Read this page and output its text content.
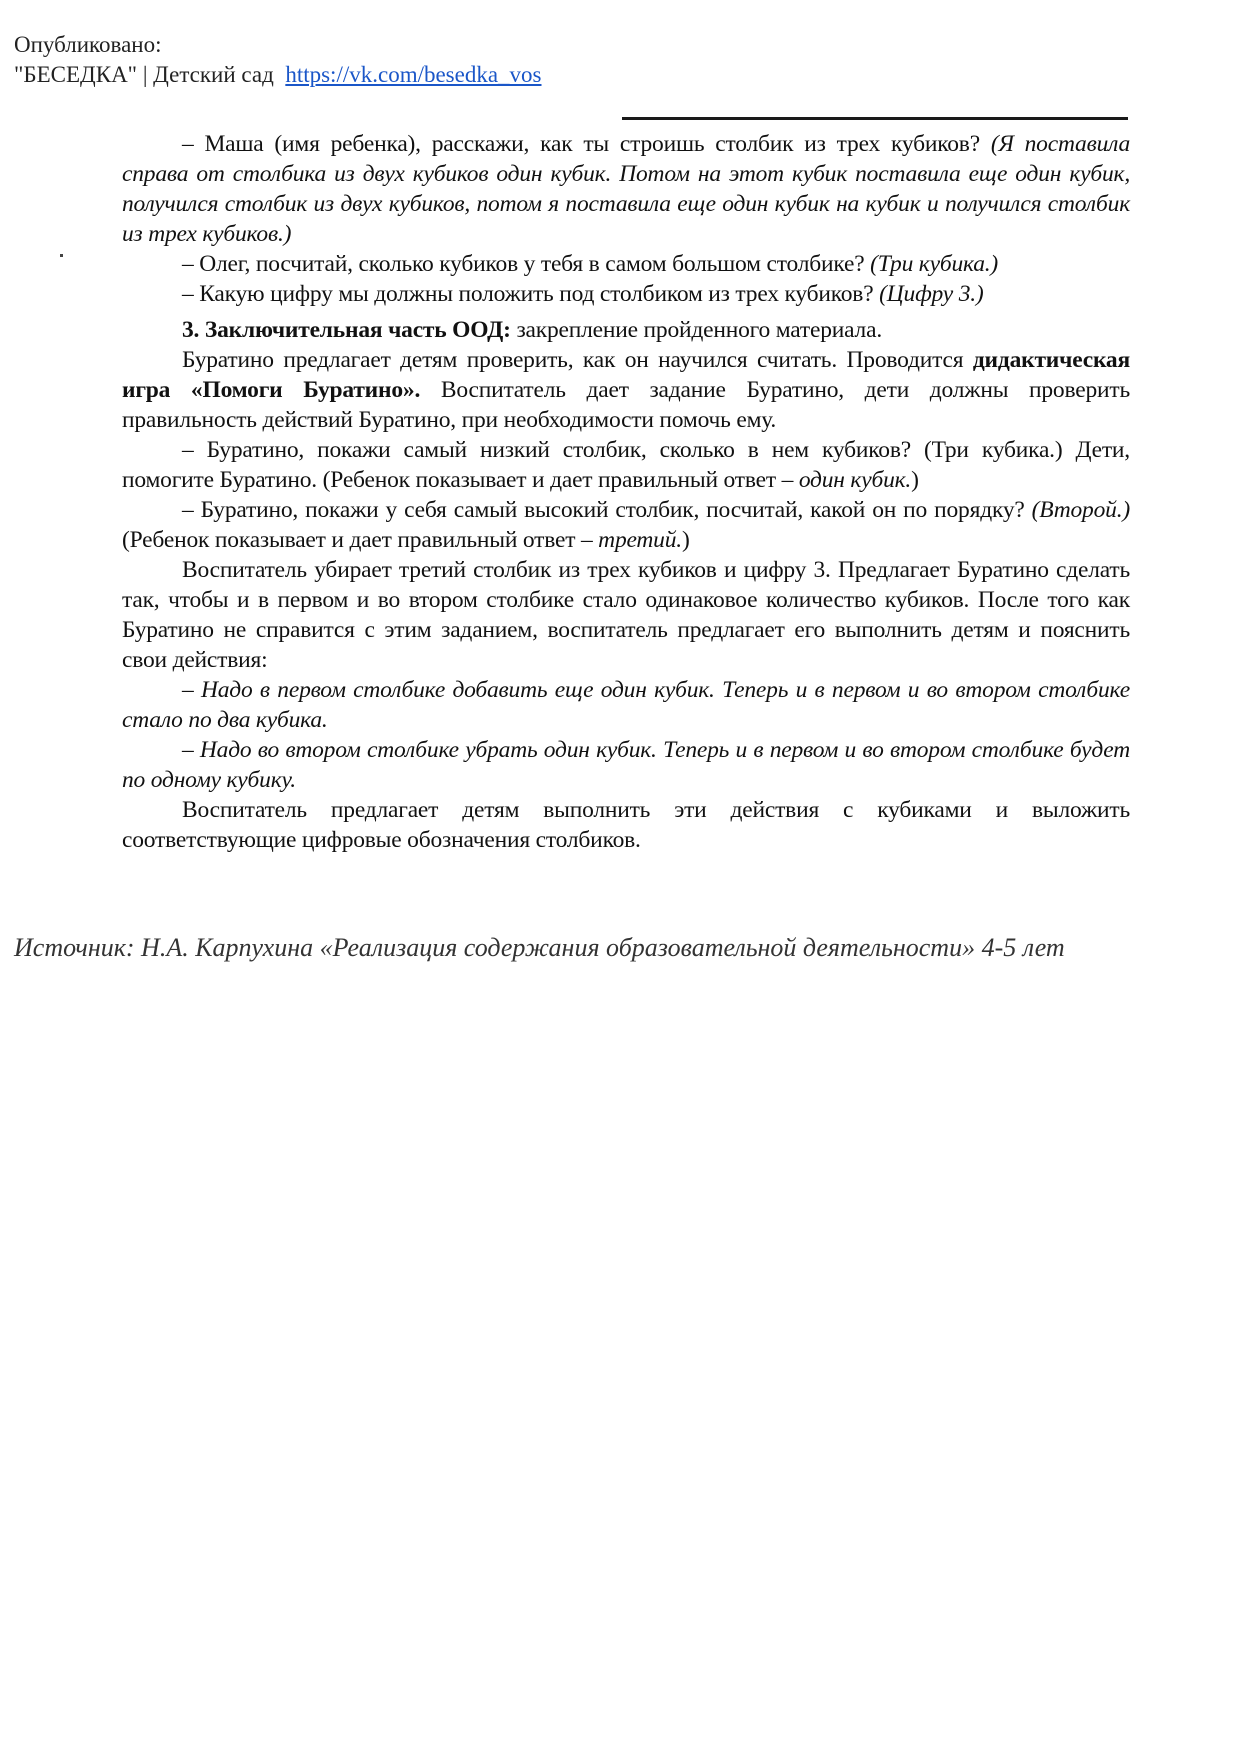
Опубликовано:
"БЕСЕДКА" | Детский сад https://vk.com/besedka_vos

– Маша (имя ребенка), расскажи, как ты строишь столбик из трех кубиков? (Я поставила справа от столбика из двух кубиков один кубик. Потом на этот кубик поставила еще один кубик, получился столбик из двух кубиков, потом я поставила еще один кубик на кубик и получился столбик из трех кубиков.)

– Олег, посчитай, сколько кубиков у тебя в самом большом столбике? (Три кубика.)

– Какую цифру мы должны положить под столбиком из трех кубиков? (Цифру 3.)

3. Заключительная часть ООД: закрепление пройденного материала.

Буратино предлагает детям проверить, как он научился считать. Проводится дидактическая игра «Помоги Буратино». Воспитатель дает задание Буратино, дети должны проверить правильность действий Буратино, при необходимости помочь ему.

– Буратино, покажи самый низкий столбик, сколько в нем кубиков? (Три кубика.) Дети, помогите Буратино. (Ребенок показывает и дает правильный ответ – один кубик.)

– Буратино, покажи у себя самый высокий столбик, посчитай, какой он по порядку? (Второй.) (Ребенок показывает и дает правильный ответ – третий.)

Воспитатель убирает третий столбик из трех кубиков и цифру 3. Предлагает Буратино сделать так, чтобы и в первом и во втором столбике стало одинаковое количество кубиков. После того как Буратино не справится с этим заданием, воспитатель предлагает его выполнить детям и пояснить свои действия:

– Надо в первом столбике добавить еще один кубик. Теперь и в первом и во втором столбике стало по два кубика.

– Надо во втором столбике убрать один кубик. Теперь и в первом и во втором столбике будет по одному кубику.

Воспитатель предлагает детям выполнить эти действия с кубиками и выложить соответствующие цифровые обозначения столбиков.

Источник: Н.А. Карпухина «Реализация содержания образовательной деятельности» 4-5 лет
